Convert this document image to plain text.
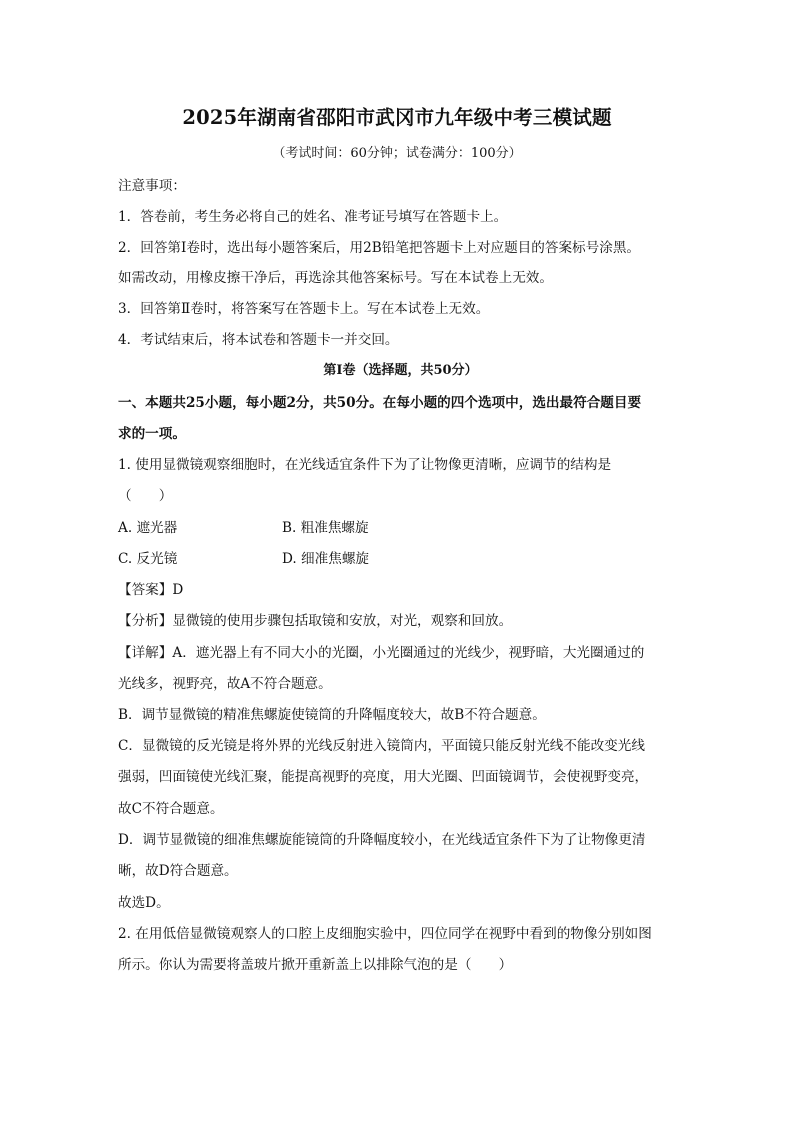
2025年湖南省邵阳市武冈市九年级中考三模试题
（考试时间：60分钟；试卷满分：100分）
注意事项：
1．答卷前，考生务必将自己的姓名、准考证号填写在答题卡上。
2．回答第Ⅰ卷时，选出每小题答案后，用2B铅笔把答题卡上对应题目的答案标号涂黑。
如需改动，用橡皮擦干净后，再选涂其他答案标号。写在本试卷上无效。
3．回答第Ⅱ卷时，将答案写在答题卡上。写在本试卷上无效。
4．考试结束后，将本试卷和答题卡一并交回。
第Ⅰ卷（选择题，共50分）
一、本题共25小题，每小题2分，共50分。在每小题的四个选项中，选出最符合题目要
求的一项。
1. 使用显微镜观察细胞时，在光线适宜条件下为了让物像更清晰，应调节的结构是
（　　）
A. 遮光器	B. 粗准焦螺旋
C. 反光镜	D. 细准焦螺旋
【答案】D
【分析】显微镜的使用步骤包括取镜和安放，对光，观察和回放。
【详解】A．遮光器上有不同大小的光圈，小光圈通过的光线少，视野暗，大光圈通过的
光线多，视野亮，故A不符合题意。
B．调节显微镜的精准焦螺旋使镜筒的升降幅度较大，故B不符合题意。
C．显微镜的反光镜是将外界的光线反射进入镜筒内，平面镜只能反射光线不能改变光线
强弱，凹面镜使光线汇聚，能提高视野的亮度，用大光圈、凹面镜调节，会使视野变亮，
故C不符合题意。
D．调节显微镜的细准焦螺旋能镜筒的升降幅度较小，在光线适宜条件下为了让物像更清
晰，故D符合题意。
故选D。
2. 在用低倍显微镜观察人的口腔上皮细胞实验中，四位同学在视野中看到的物像分别如图
所示。你认为需要将盖玻片掀开重新盖上以排除气泡的是（　　）
